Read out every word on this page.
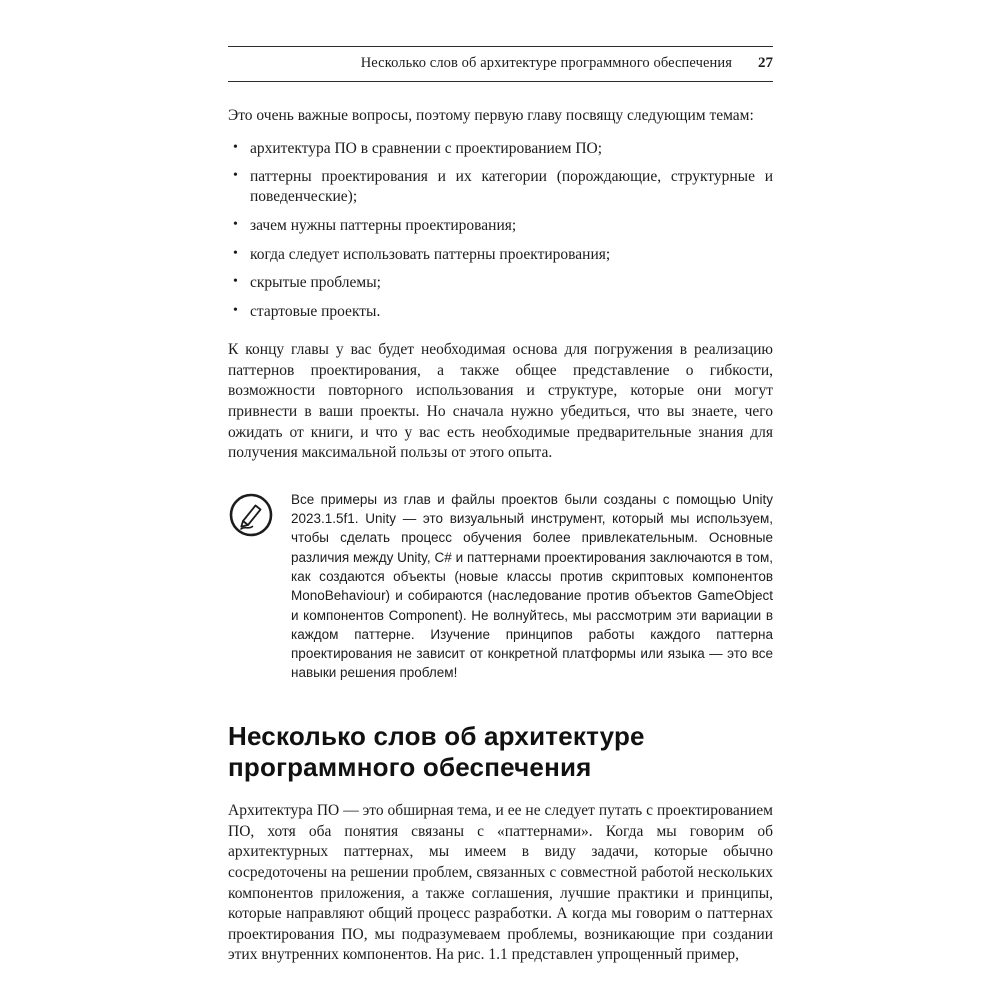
Несколько слов об архитектуре программного обеспечения 27

Это очень важные вопросы, поэтому первую главу посвящу следующим темам:

• архитектура ПО в сравнении с проектированием ПО;
• паттерны проектирования и их категории (порождающие, структурные и поведенческие);
• зачем нужны паттерны проектирования;
• когда следует использовать паттерны проектирования;
• скрытые проблемы;
• стартовые проекты.

К концу главы у вас будет необходимая основа для погружения в реализацию паттернов проектирования, а также общее представление о гибкости, возможности повторного использования и структуре, которые они могут привнести в ваши проекты. Но сначала нужно убедиться, что вы знаете, чего ожидать от книги, и что у вас есть необходимые предварительные знания для получения максимальной пользы от этого опыта.

Все примеры из глав и файлы проектов были созданы с помощью Unity 2023.1.5f1. Unity — это визуальный инструмент, который мы используем, чтобы сделать процесс обучения более привлекательным. Основные различия между Unity, C# и паттернами проектирования заключаются в том, как создаются объекты (новые классы против скриптовых компонентов MonoBehaviour) и собираются (наследование против объектов GameObject и компонентов Component). Не волнуйтесь, мы рассмотрим эти вариации в каждом паттерне. Изучение принципов работы каждого паттерна проектирования не зависит от конкретной платформы или языка — это все навыки решения проблем!

Несколько слов об архитектуре программного обеспечения

Архитектура ПО — это обширная тема, и ее не следует путать с проектированием ПО, хотя оба понятия связаны с «паттернами». Когда мы говорим об архитектурных паттернах, мы имеем в виду задачи, которые обычно сосредоточены на решении проблем, связанных с совместной работой нескольких компонентов приложения, а также соглашения, лучшие практики и принципы, которые направляют общий процесс разработки. А когда мы говорим о паттернах проектирования ПО, мы подразумеваем проблемы, возникающие при создании этих внутренних компонентов. На рис. 1.1 представлен упрощенный пример,
